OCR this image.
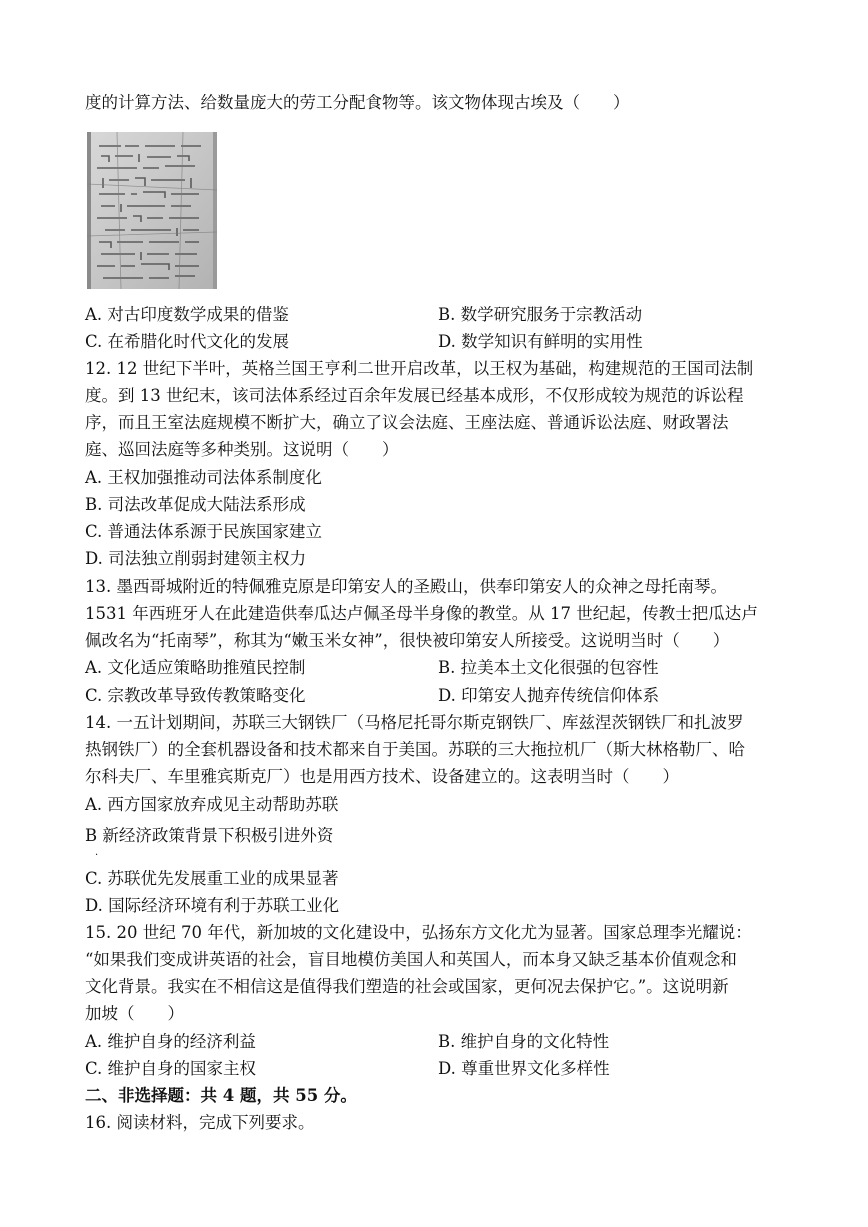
度的计算方法、给数量庞大的劳工分配食物等。该文物体现古埃及（　　）
A. 对古印度数学成果的借鉴	B. 数学研究服务于宗教活动
C. 在希腊化时代文化的发展	D. 数学知识有鲜明的实用性
12. 12 世纪下半叶，英格兰国王亨利二世开启改革，以王权为基础，构建规范的王国司法制
度。到 13 世纪末，该司法体系经过百余年发展已经基本成形，不仅形成较为规范的诉讼程
序，而且王室法庭规模不断扩大，确立了议会法庭、王座法庭、普通诉讼法庭、财政署法
庭、巡回法庭等多种类别。这说明（　　）
A. 王权加强推动司法体系制度化
B. 司法改革促成大陆法系形成
C. 普通法体系源于民族国家建立
D. 司法独立削弱封建领主权力
13. 墨西哥城附近的特佩雅克原是印第安人的圣殿山，供奉印第安人的众神之母托南琴。
1531 年西班牙人在此建造供奉瓜达卢佩圣母半身像的教堂。从 17 世纪起，传教士把瓜达卢
佩改名为“托南琴”，称其为“嫩玉米女神”，很快被印第安人所接受。这说明当时（　　）
A. 文化适应策略助推殖民控制	B. 拉美本土文化很强的包容性
C. 宗教改革导致传教策略变化	D. 印第安人抛弃传统信仰体系
14. 一五计划期间，苏联三大钢铁厂（马格尼托哥尔斯克钢铁厂、库兹涅茨钢铁厂和扎波罗
热钢铁厂）的全套机器设备和技术都来自于美国。苏联的三大拖拉机厂（斯大林格勒厂、哈
尔科夫厂、车里雅宾斯克厂）也是用西方技术、设备建立的。这表明当时（　　）
A. 西方国家放弃成见主动帮助苏联
B 新经济政策背景下积极引进外资
·
C. 苏联优先发展重工业的成果显著
D. 国际经济环境有利于苏联工业化
15. 20 世纪 70 年代，新加坡的文化建设中，弘扬东方文化尤为显著。国家总理李光耀说：
“如果我们变成讲英语的社会，盲目地模仿美国人和英国人，而本身又缺乏基本价值观念和
文化背景。我实在不相信这是值得我们塑造的社会或国家，更何况去保护它。”。这说明新
加坡（　　）
A. 维护自身的经济利益	B. 维护自身的文化特性
C. 维护自身的国家主权	D. 尊重世界文化多样性
二、非选择题：共 4 题，共 55 分。
16. 阅读材料，完成下列要求。
